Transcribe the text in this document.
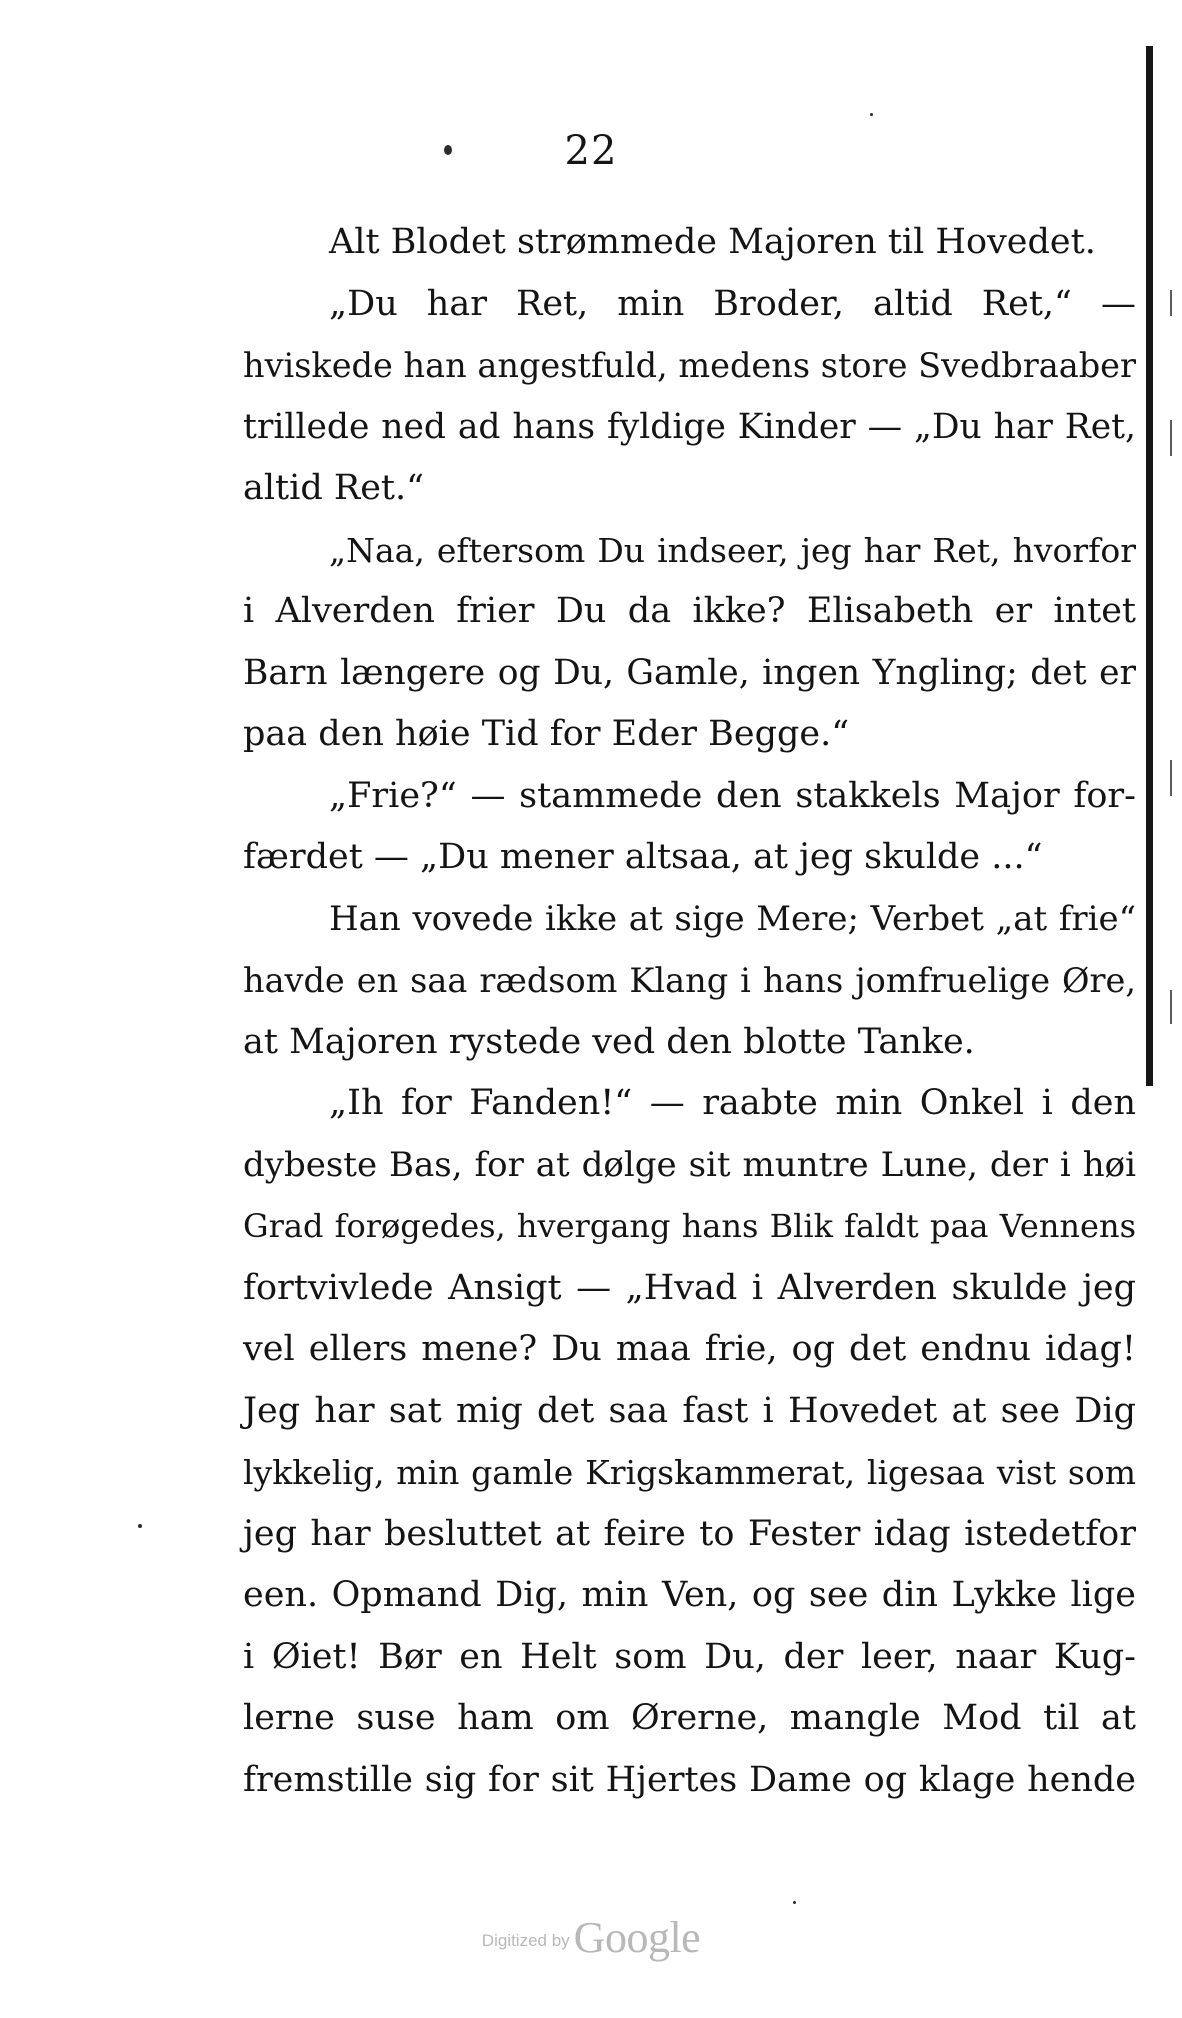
22
Alt Blodet strømmede Majoren til Hovedet.
„Du har Ret, min Broder, altid Ret,“ —
hviskede han angestfuld, medens store Svedbraaber
trillede ned ad hans fyldige Kinder — „Du har Ret,
altid Ret.“
„Naa, eftersom Du indseer, jeg har Ret, hvorfor
i Alverden frier Du da ikke? Elisabeth er intet
Barn længere og Du, Gamle, ingen Yngling; det er
paa den høie Tid for Eder Begge.“
„Frie?“ — stammede den stakkels Major for-
færdet — „Du mener altsaa, at jeg skulde ...“
Han vovede ikke at sige Mere; Verbet „at frie“
havde en saa rædsom Klang i hans jomfruelige Øre,
at Majoren rystede ved den blotte Tanke.
„Ih for Fanden!“ — raabte min Onkel i den
dybeste Bas, for at dølge sit muntre Lune, der i høi
Grad forøgedes, hvergang hans Blik faldt paa Vennens
fortvivlede Ansigt — „Hvad i Alverden skulde jeg
vel ellers mene? Du maa frie, og det endnu idag!
Jeg har sat mig det saa fast i Hovedet at see Dig
lykkelig, min gamle Krigskammerat, ligesaa vist som
jeg har besluttet at feire to Fester idag istedetfor
een. Opmand Dig, min Ven, og see din Lykke lige
i Øiet! Bør en Helt som Du, der leer, naar Kug-
lerne suse ham om Ørerne, mangle Mod til at
fremstille sig for sit Hjertes Dame og klage hende
Digitized byGoogle
